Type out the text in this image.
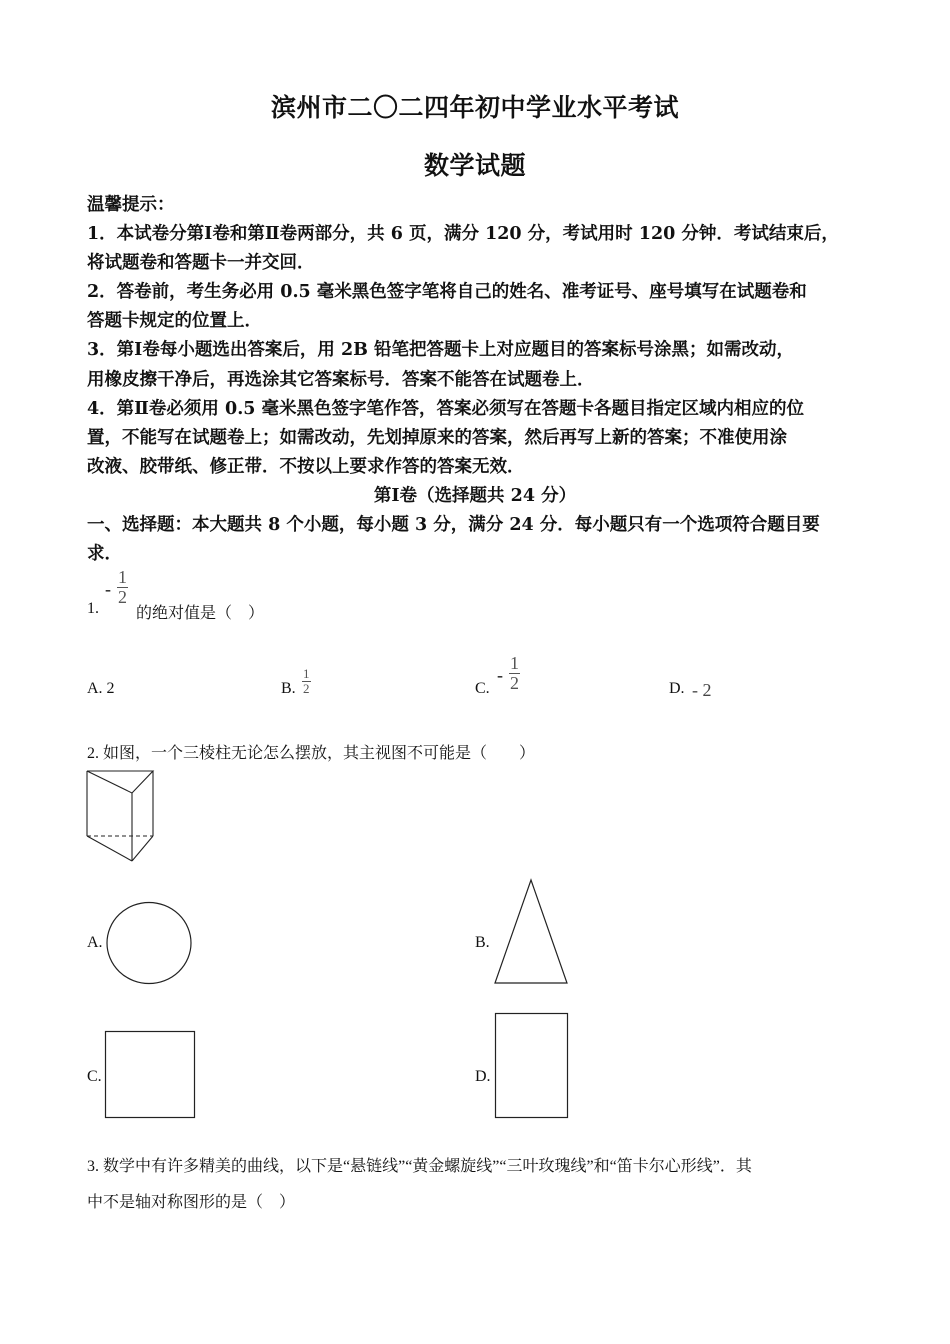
滨州市二〇二四年初中学业水平考试
数学试题
温馨提示：
1．本试卷分第Ⅰ卷和第Ⅱ卷两部分，共 6 页，满分 120 分，考试用时 120 分钟．考试结束后，
将试题卷和答题卡一并交回．
2．答卷前，考生务必用 0.5 毫米黑色签字笔将自己的姓名、准考证号、座号填写在试题卷和
答题卡规定的位置上．
3．第Ⅰ卷每小题选出答案后，用 2B 铅笔把答题卡上对应题目的答案标号涂黑；如需改动，
用橡皮擦干净后，再选涂其它答案标号．答案不能答在试题卷上．
4．第Ⅱ卷必须用 0.5 毫米黑色签字笔作答，答案必须写在答题卡各题目指定区域内相应的位
置，不能写在试题卷上；如需改动，先划掉原来的答案，然后再写上新的答案；不准使用涂
改液、胶带纸、修正带．不按以上要求作答的答案无效．
第Ⅰ卷（选择题共 24 分）
一、选择题：本大题共 8 个小题，每小题 3 分，满分 24 分．每小题只有一个选项符合题目要
求．
1.
- $\frac{1}{2}$
的绝对值是（　）
A. 2	B. $\frac{1}{2}$	C.
- $\frac{1}{2}$	D. - 2
2. 如图，一个三棱柱无论怎么摆放，其主视图不可能是（　　）
A.	B.
C.	D.
3. 数学中有许多精美的曲线，以下是“悬链线”“黄金螺旋线”“三叶玫瑰线”和“笛卡尔心形线”．其
中不是轴对称图形的是（　）
